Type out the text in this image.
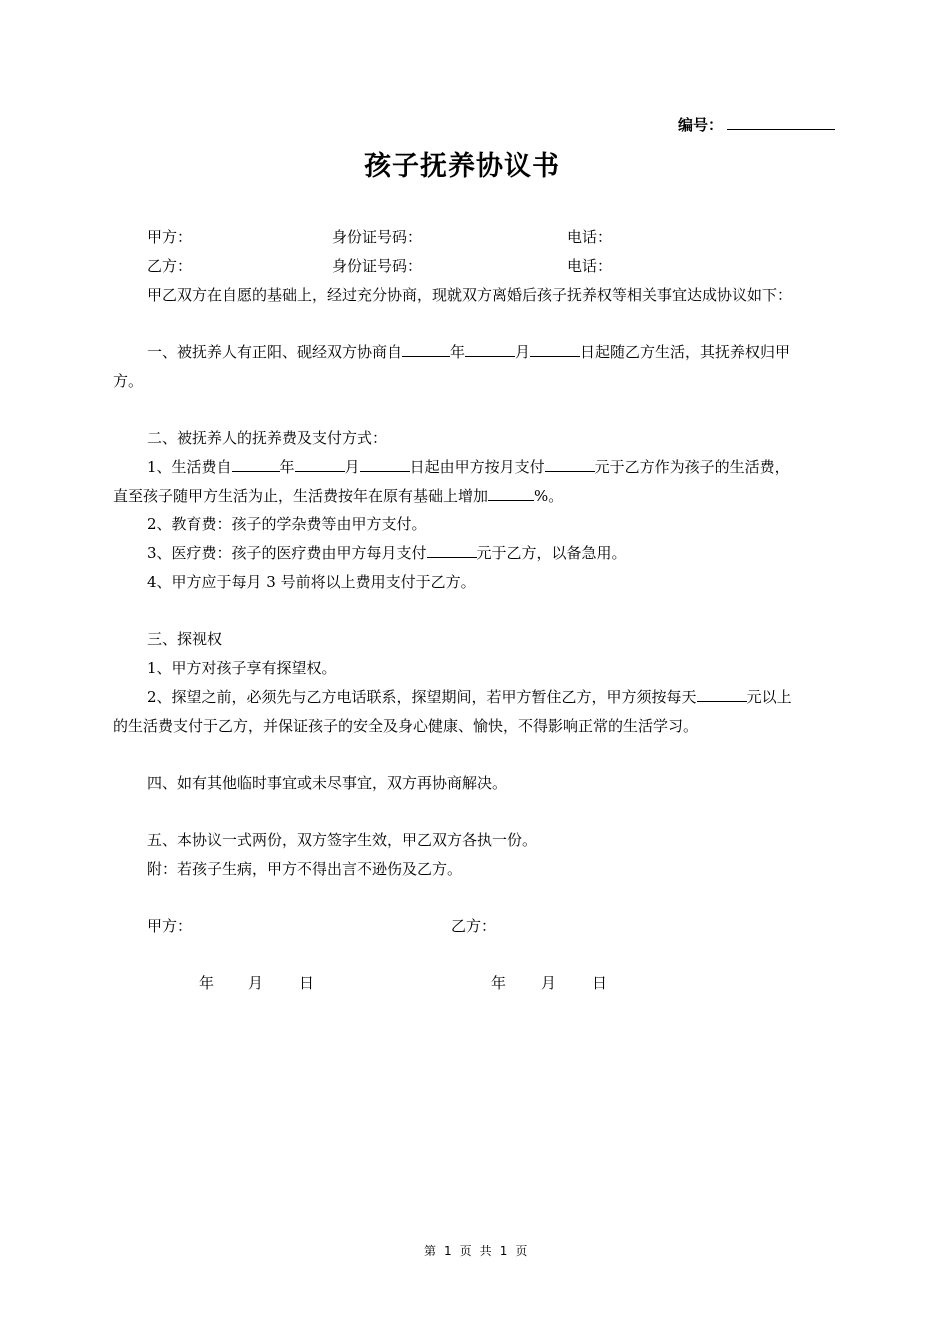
编号：
孩子抚养协议书
甲方：	身份证号码：	电话：
乙方：	身份证号码：	电话：
甲乙双方在自愿的基础上，经过充分协商，现就双方离婚后孩子抚养权等相关事宜达成协议如下：
一、被抚养人有正阳、砚经双方协商自	年	月	日起随乙方生活，其抚养权归甲
方。
二、被抚养人的抚养费及支付方式：
1、生活费自	年	月	日起由甲方按月支付	元于乙方作为孩子的生活费，
直至孩子随甲方生活为止，生活费按年在原有基础上增加	%。
2、教育费：孩子的学杂费等由甲方支付。
3、医疗费：孩子的医疗费由甲方每月支付	元于乙方，以备急用。
4、甲方应于每月 3 号前将以上费用支付于乙方。
三、探视权
1、甲方对孩子享有探望权。
2、探望之前，必须先与乙方电话联系，探望期间，若甲方暂住乙方，甲方须按每天	元以上
的生活费支付于乙方，并保证孩子的安全及身心健康、愉快，不得影响正常的生活学习。
四、如有其他临时事宜或未尽事宜，双方再协商解决。
五、本协议一式两份，双方签字生效，甲乙双方各执一份。
附：若孩子生病，甲方不得出言不逊伤及乙方。
甲方：	乙方：
年 月 日	年 月 日
第 1 页 共 1 页
